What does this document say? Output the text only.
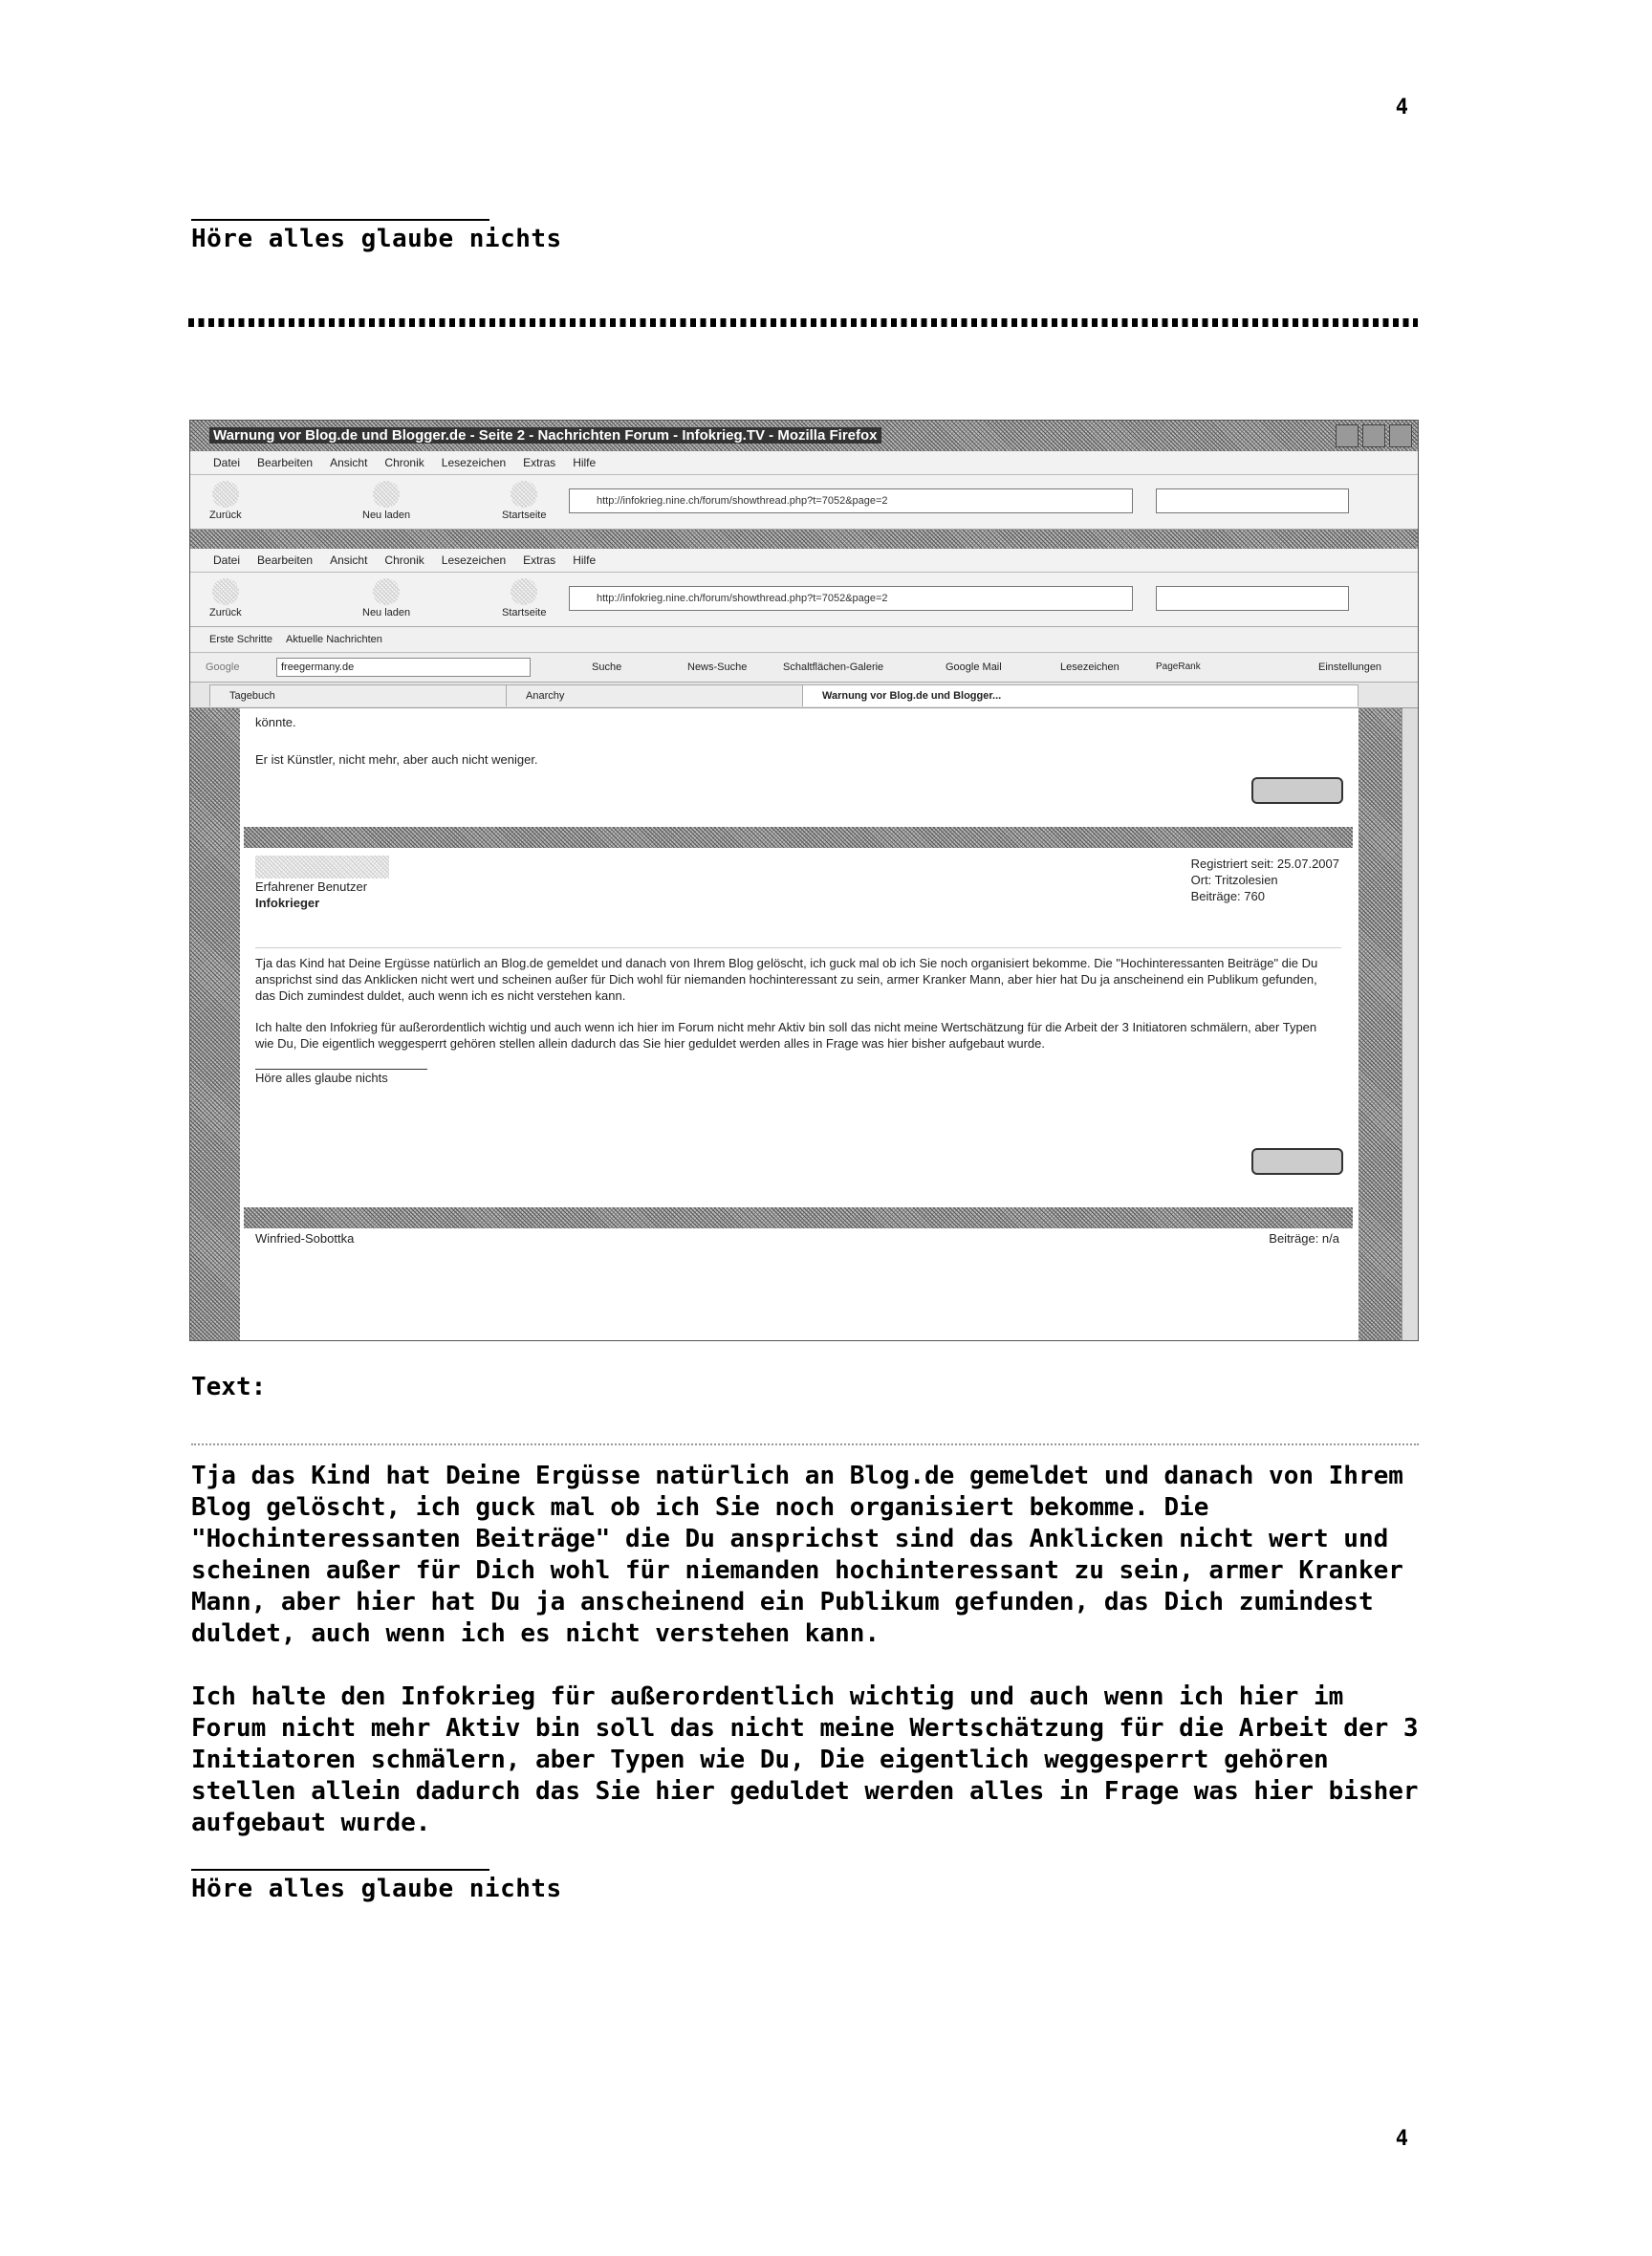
4
Höre alles glaube nichts
Warnung vor Blog.de und Blogger.de - Seite 2 - Nachrichten Forum - Infokrieg.TV - Mozilla Firefox
Datei Bearbeiten Ansicht Chronik Lesezeichen Extras Hilfe
Zurück	Neu laden	Startseite
http://infokrieg.nine.ch/forum/showthread.php?t=7052&page=2
Datei Bearbeiten Ansicht Chronik Lesezeichen Extras Hilfe
Zurück	Neu laden	Startseite
http://infokrieg.nine.ch/forum/showthread.php?t=7052&page=2
Erste Schritte Aktuelle Nachrichten
Google	freegermany.de	Suche	News-Suche	Schaltflächen-Galerie	Google Mail	Lesezeichen	PageRank	Einstellungen
Tagebuch	Anarchy	Warnung vor Blog.de und Blogger...
könnte.
Er ist Künstler, nicht mehr, aber auch nicht weniger.
Erfahrener Benutzer
Infokrieger
Registriert seit: 25.07.2007
Ort: Tritzolesien
Beiträge: 760

Tja das Kind hat Deine Ergüsse natürlich an Blog.de gemeldet und danach von Ihrem Blog gelöscht, ich guck mal ob ich Sie noch organisiert bekomme. Die "Hochinteressanten Beiträge" die Du ansprichst sind das Anklicken nicht wert und scheinen außer für Dich wohl für niemanden hochinteressant zu sein, armer Kranker Mann, aber hier hat Du ja anscheinend ein Publikum gefunden, das Dich zumindest duldet, auch wenn ich es nicht verstehen kann.

Ich halte den Infokrieg für außerordentlich wichtig und auch wenn ich hier im Forum nicht mehr Aktiv bin soll das nicht meine Wertschätzung für die Arbeit der 3 Initiatoren schmälern, aber Typen wie Du, Die eigentlich weggesperrt gehören stellen allein dadurch das Sie hier geduldet werden alles in Frage was hier bisher aufgebaut wurde.

Höre alles glaube nichts
Winfried-Sobottka	Beiträge: n/a
Text:

Tja das Kind hat Deine Ergüsse natürlich an Blog.de gemeldet und danach von Ihrem Blog gelöscht, ich guck mal ob ich Sie noch organisiert bekomme. Die "Hochinteressanten Beiträge" die Du ansprichst sind das Anklicken nicht wert und scheinen außer für Dich wohl für niemanden hochinteressant zu sein, armer Kranker Mann, aber hier hat Du ja anscheinend ein Publikum gefunden, das Dich zumindest duldet, auch wenn ich es nicht verstehen kann.

Ich halte den Infokrieg für außerordentlich wichtig und auch wenn ich hier im Forum nicht mehr Aktiv bin soll das nicht meine Wertschätzung für die Arbeit der 3 Initiatoren schmälern, aber Typen wie Du, Die eigentlich weggesperrt gehören stellen allein dadurch das Sie hier geduldet werden alles in Frage was hier bisher aufgebaut wurde.

Höre alles glaube nichts
4
